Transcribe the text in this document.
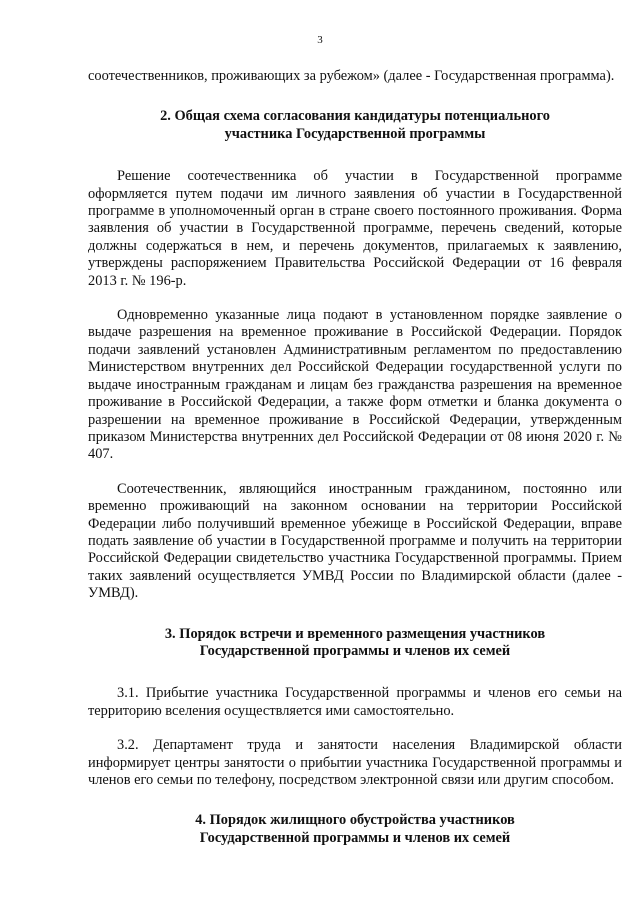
3

соотечественников, проживающих за рубежом» (далее - Государственная программа).

2. Общая схема согласования кандидатуры потенциального
участника Государственной программы

Решение соотечественника об участии в Государственной программе оформляется путем подачи им личного заявления об участии в Государственной программе в уполномоченный орган в стране своего постоянного проживания. Форма заявления об участии в Государственной программе, перечень сведений, которые должны содержаться в нем, и перечень документов, прилагаемых к заявлению, утверждены распоряжением Правительства Российской Федерации от 16 февраля 2013 г. № 196-р.

Одновременно указанные лица подают в установленном порядке заявление о выдаче разрешения на временное проживание в Российской Федерации. Порядок подачи заявлений установлен Административным регламентом по предоставлению Министерством внутренних дел Российской Федерации государственной услуги по выдаче иностранным гражданам и лицам без гражданства разрешения на временное проживание в Российской Федерации, а также форм отметки и бланка документа о разрешении на временное проживание в Российской Федерации, утвержденным приказом Министерства внутренних дел Российской Федерации от 08 июня 2020 г. № 407.

Соотечественник, являющийся иностранным гражданином, постоянно или временно проживающий на законном основании на территории Российской Федерации либо получивший временное убежище в Российской Федерации, вправе подать заявление об участии в Государственной программе и получить на территории Российской Федерации свидетельство участника Государственной программы. Прием таких заявлений осуществляется УМВД России по Владимирской области (далее - УМВД).

3. Порядок встречи и временного размещения участников
Государственной программы и членов их семей

3.1. Прибытие участника Государственной программы и членов его семьи на территорию вселения осуществляется ими самостоятельно.

3.2. Департамент труда и занятости населения Владимирской области информирует центры занятости о прибытии участника Государственной программы и членов его семьи по телефону, посредством электронной связи или другим способом.

4. Порядок жилищного обустройства участников
Государственной программы и членов их семей
